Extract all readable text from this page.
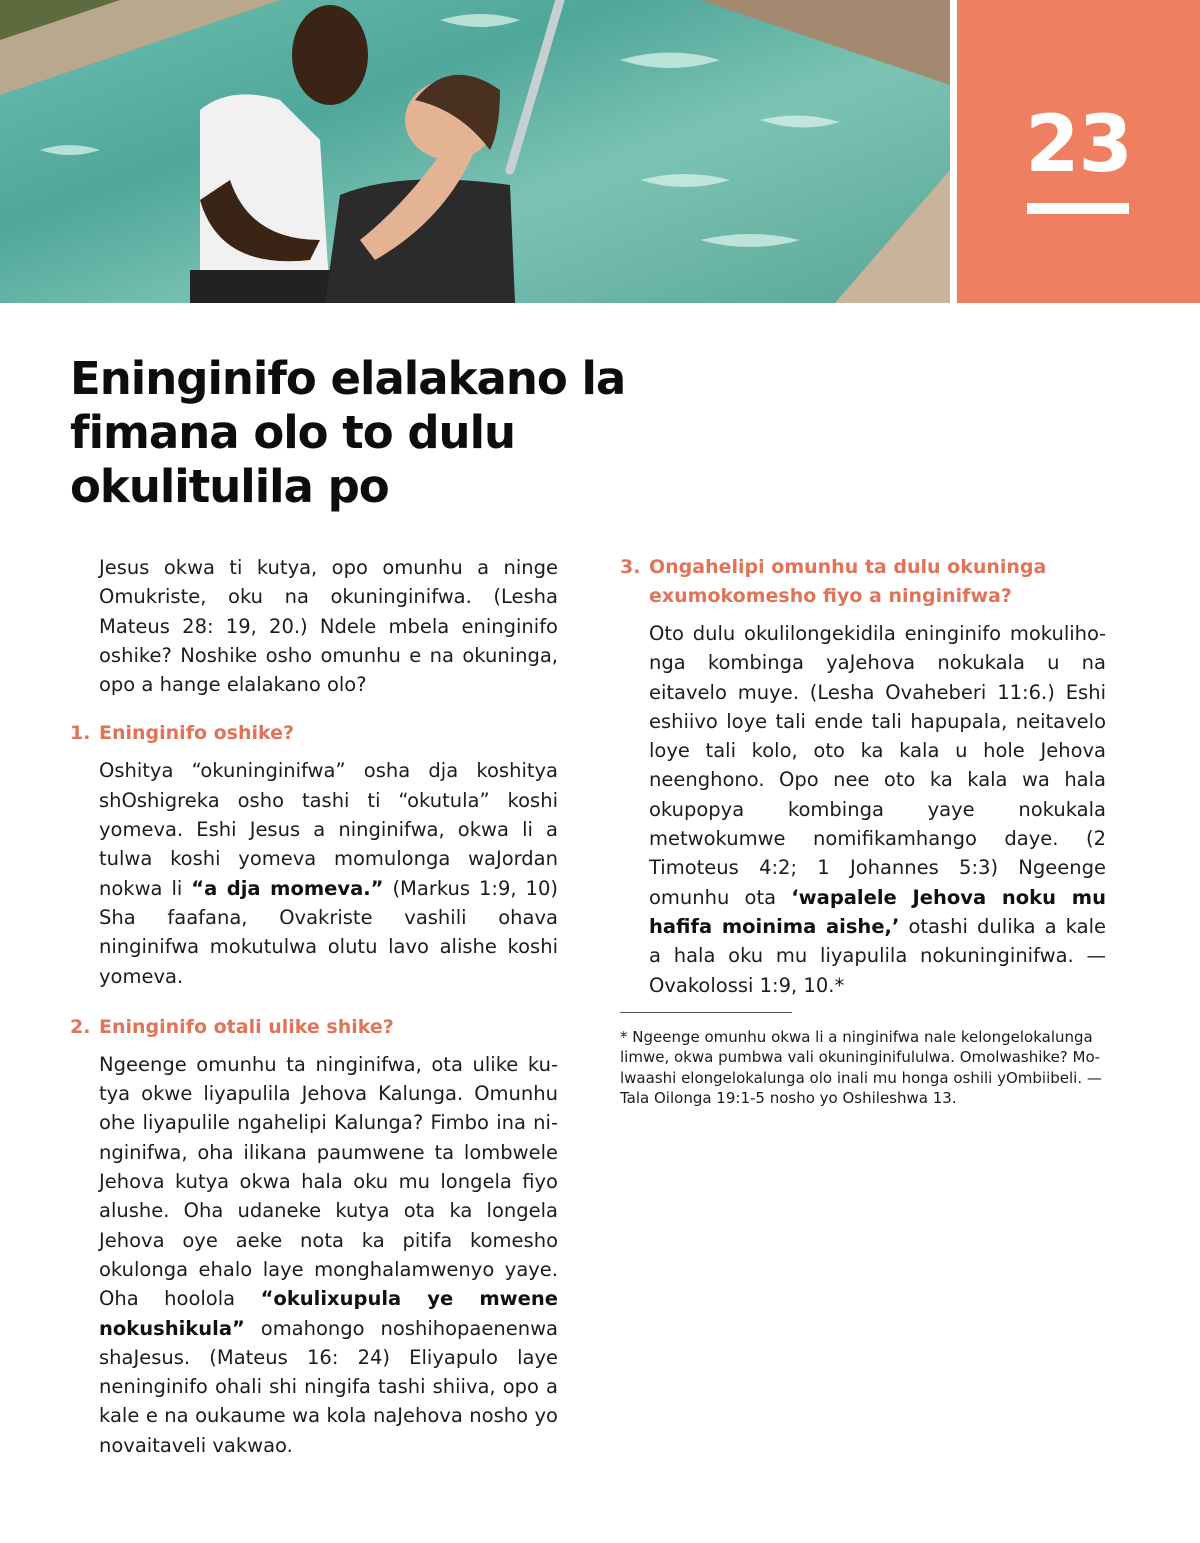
23
Eninginifo elalakano la fimana olo to dulu okulitulila po

Jesus okwa ti kutya, opo omunhu a ninge Omukriste, oku na okuninginifwa. (Lesha Mateus 28: 19, 20.) Ndele mbela eninginifo oshike? Noshike osho omunhu e na okuninga, opo a hange elalakano olo?

1. Eninginifo oshike?

Oshitya “okuninginifwa” osha dja koshitya shOshigreka osho tashi ti “okutula” koshi yomeva. Eshi Jesus a ninginifwa, okwa li a tulwa koshi yomeva momulonga waJordan nokwa li “a dja momeva.” (Markus 1:9, 10) Sha faafana, Ovakriste vashili ohava ninginifwa mokutulwa olutu lavo alishe koshi yomeva.

2. Eninginifo otali ulike shike?

Ngeenge omunhu ta ninginifwa, ota ulike kutya okwe liyapulila Jehova Kalunga. Omunhu ohe liyapulile ngahelipi Kalunga? Fimbo ina ninginifwa, oha ilikana paumwene ta lombwele Jehova kutya okwa hala oku mu longela fiyo alushe. Oha udaneke kutya ota ka longela Jehova oye aeke nota ka pitifa komesho okulonga ehalo laye monghalamwenyo yaye. Oha hoolola “okulixupula ye mwene nokushikula” omahongo noshihopaenenwa shaJesus. (Mateus 16: 24) Eliyapulo laye neninginifo ohali shi ningifa tashi shiiva, opo a kale e na oukaume wa kola naJehova nosho yo novaitaveli vakwao.

3. Ongahelipi omunhu ta dulu okuninga exumokomesho fiyo a ninginifwa?

Oto dulu okulilongekidila eninginifo mokulihonga kombinga yaJehova nokukala u na eitavelo muye. (Lesha Ovaheberi 11:6.) Eshi eshiivo loye tali ende tali hapupala, neitavelo loye tali kolo, oto ka kala u hole Jehova neenghono. Opo nee oto ka kala wa hala okupopya kombinga yaye nokukala metwokumwe nomifikamhango daye. (2 Timoteus 4:2; 1 Johannes 5:3) Ngeenge omunhu ota ‘wapalele Jehova noku mu hafifa moinima aishe,’ otashi dulika a kale a hala oku mu liyapulila nokuninginifwa. — Ovakolossi 1:9, 10.*

* Ngeenge omunhu okwa li a ninginifwa nale kelongelokalunga limwe, okwa pumbwa vali okuninginifululwa. Omolwashike? Molwaashi elongelokalunga olo inali mu honga oshili yOmbiibeli. — Tala Oilonga 19:1-5 nosho yo Oshileshwa 13.
